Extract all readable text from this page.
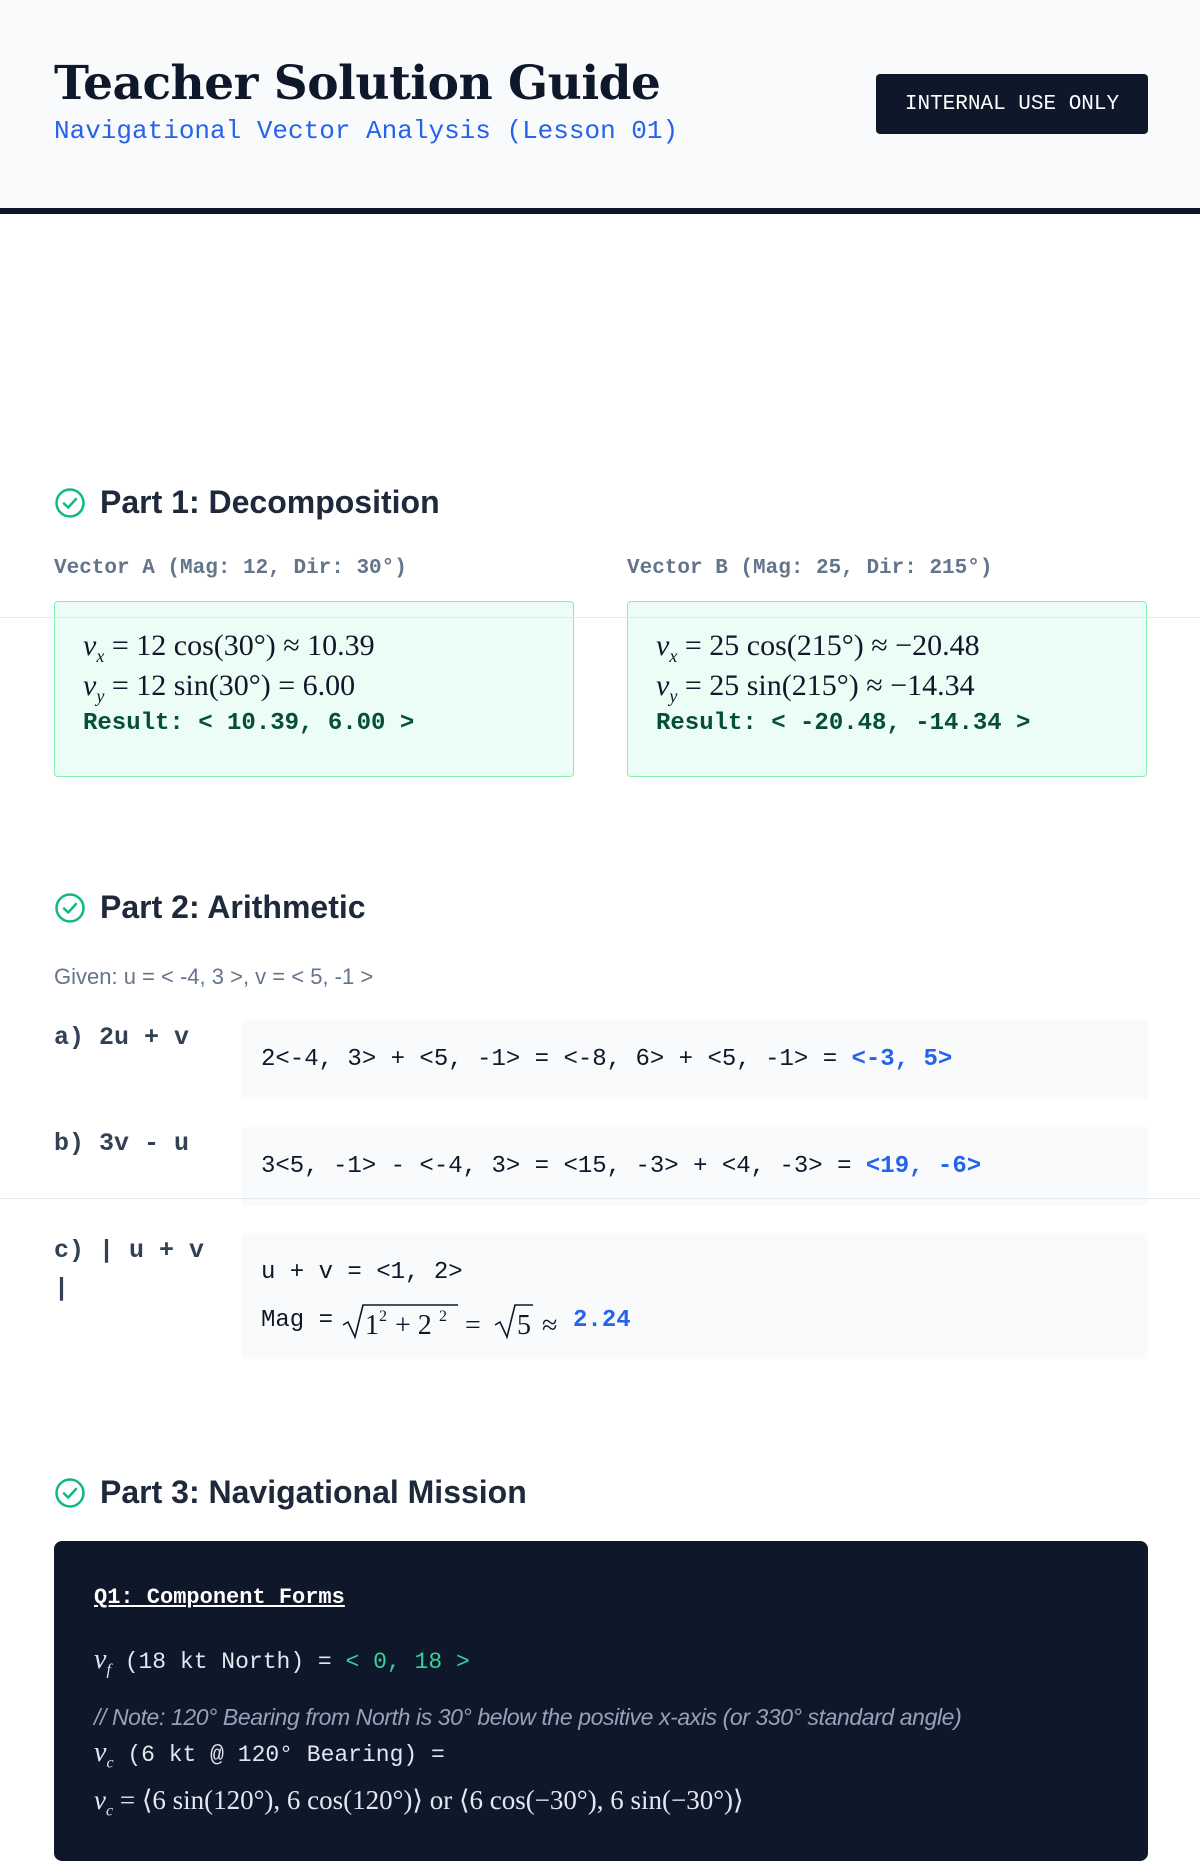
Teacher Solution Guide
Navigational Vector Analysis (Lesson 01)
INTERNAL USE ONLY
Part 1: Decomposition
Vector A (Mag: 12, Dir: 30°)
$v_x = 12$ cos(30°) ≈ 10.39
$v_y = 12$ sin(30°) = 6.00
Result: < 10.39, 6.00 >
Vector B (Mag: 25, Dir: 215°)
$v_x = 25$ cos(215°) ≈ −20.48
$v_y = 25$ sin(215°) ≈ −14.34
Result: < -20.48, -14.34 >
Part 2: Arithmetic
Given: u = < -4, 3 >, v = < 5, -1 >
a) 2u + v
2<-4, 3> + <5, -1> = <-8, 6> + <5, -1> = <-3, 5>
b) 3v - u
3<5, -1> - <-4, 3> = <15, -3> + <4, -3> = <19, -6>
c) | u + v |
u + v = <1, 2>
Mag = 1 2 + 2 2 = 5 ≈ 2.24
Part 3: Navigational Mission
Q1: Component Forms
$v_f$ (18 kt North) = < 0, 18 >
// Note: 120° Bearing from North is 30° below the positive x-axis (or 330° standard angle)
$v_c$ (6 kt @ 120° Bearing) =
$v_c$ = ⟨6 sin(120°), 6 cos(120°)⟩ or ⟨6 cos(−30°), 6 sin(−30°)⟩
